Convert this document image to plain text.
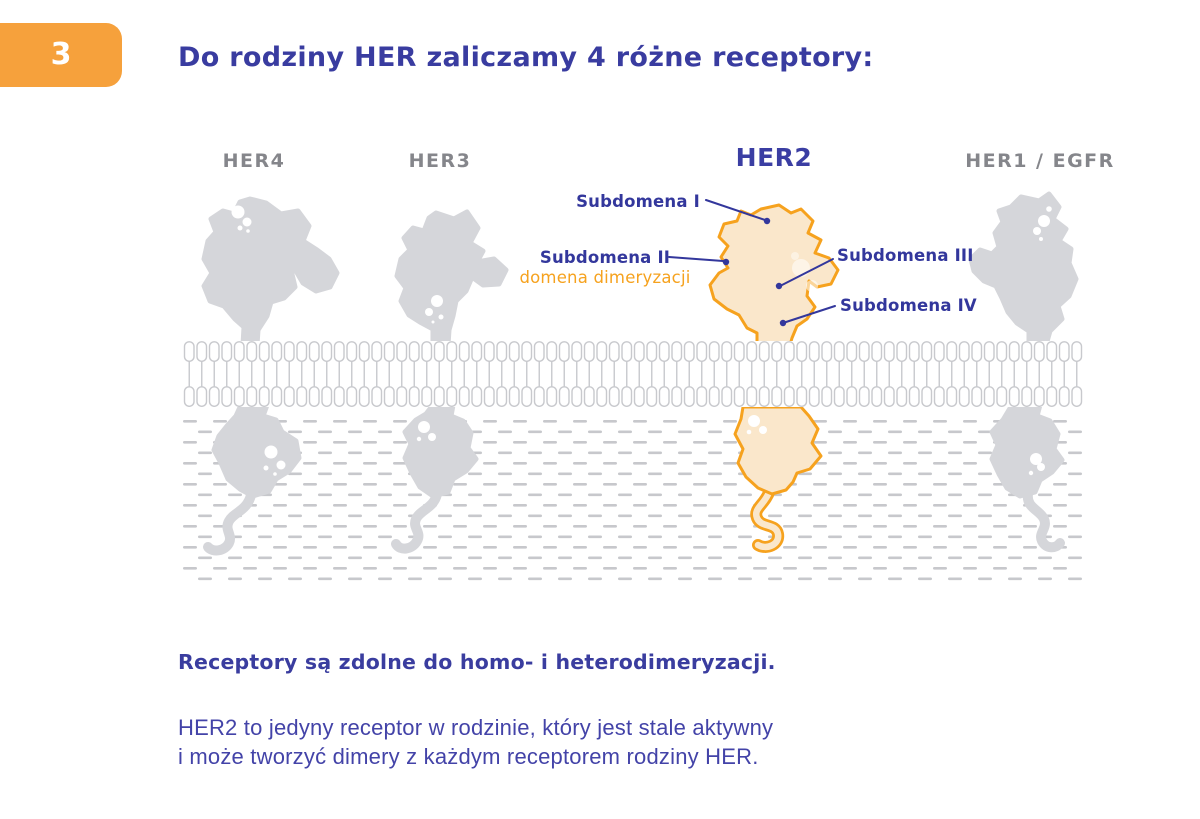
3	Do rodziny HER zaliczamy 4 różne receptory:
HER4	HER3	HER2	HER1 / EGFR
Subdomena I
Subdomena II
domena dimeryzacji
Subdomena III
Subdomena IV
Receptory są zdolne do homo- i heterodimeryzacji.

HER2 to jedyny receptor w rodzinie, który jest stale aktywny
i może tworzyć dimery z każdym receptorem rodziny HER.
